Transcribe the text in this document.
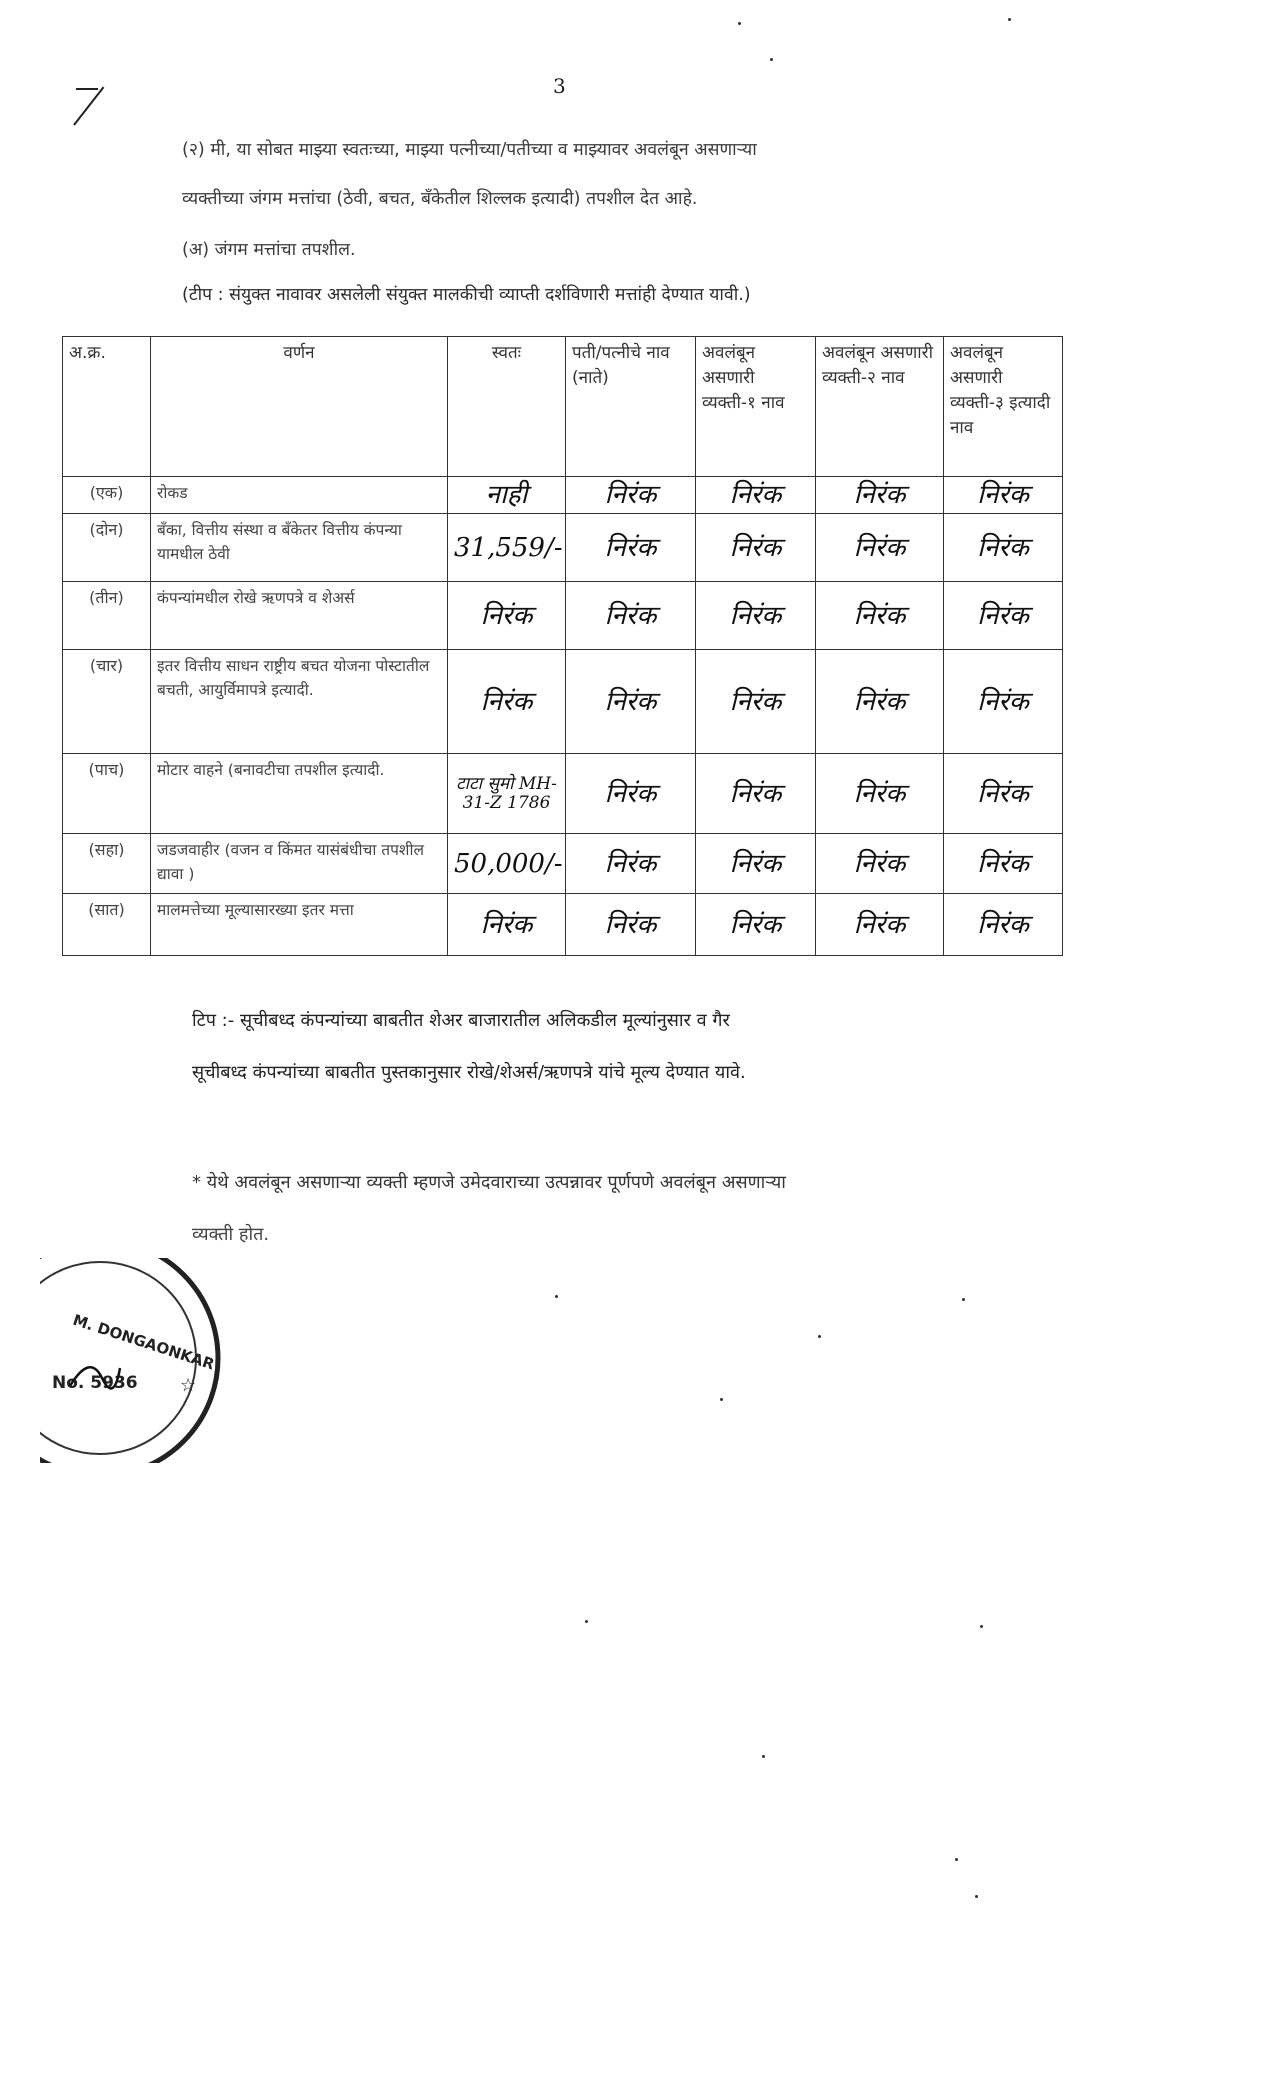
3
(२) मी, या सोबत माझ्या स्वतःच्या, माझ्या पत्नीच्या/पतीच्या व माझ्यावर अवलंबून असणाऱ्या
व्यक्तीच्या जंगम मत्तांचा (ठेवी, बचत, बँकेतील शिल्लक इत्यादी) तपशील देत आहे.
(अ) जंगम मत्तांचा तपशील.
(टीप : संयुक्त नावावर असलेली संयुक्त मालकीची व्याप्ती दर्शविणारी मत्तांही देण्यात यावी.)
अ.क्र.	वर्णन	स्वतः	पती/पत्नीचे नाव (नाते)	अवलंबून असणारी व्यक्ती-१ नाव	अवलंबून असणारी व्यक्ती-२ नाव	अवलंबून असणारी व्यक्ती-३ इत्यादी नाव
(एक)	रोकड	नाही	निरंक	निरंक	निरंक	निरंक
(दोन)	बँका, वित्तीय संस्था व बँकेतर वित्तीय कंपन्या यामधील ठेवी	31,559/-	निरंक	निरंक	निरंक	निरंक
(तीन)	कंपन्यांमधील रोखे ऋणपत्रे व शेअर्स	निरंक	निरंक	निरंक	निरंक	निरंक
(चार)	इतर वित्तीय साधन राष्ट्रीय बचत योजना पोस्टातील बचती, आयुर्विमापत्रे इत्यादी.	निरंक	निरंक	निरंक	निरंक	निरंक
(पाच)	मोटार वाहने (बनावटीचा तपशील इत्यादी.	टाटा सुमो MH-31-Z 1786	निरंक	निरंक	निरंक	निरंक
(सहा)	जडजवाहीर (वजन व किंमत यासंबंधीचा तपशील द्यावा )	50,000/-	निरंक	निरंक	निरंक	निरंक
(सात)	मालमत्तेच्या मूल्यासारख्या इतर मत्ता	निरंक	निरंक	निरंक	निरंक	निरंक
टिप :- सूचीबध्द कंपन्यांच्या बाबतीत शेअर बाजारातील अलिकडील मूल्यांनुसार व गैर
सूचीबध्द कंपन्यांच्या बाबतीत पुस्तकानुसार रोखे/शेअर्स/ऋणपत्रे यांचे मूल्य देण्यात यावे.
* येथे अवलंबून असणाऱ्या व्यक्ती म्हणजे उमेदवाराच्या उत्पन्नावर पूर्णपणे अवलंबून असणाऱ्या
व्यक्ती होत.
M. DONGAONKAR
No. 5936 ☆
